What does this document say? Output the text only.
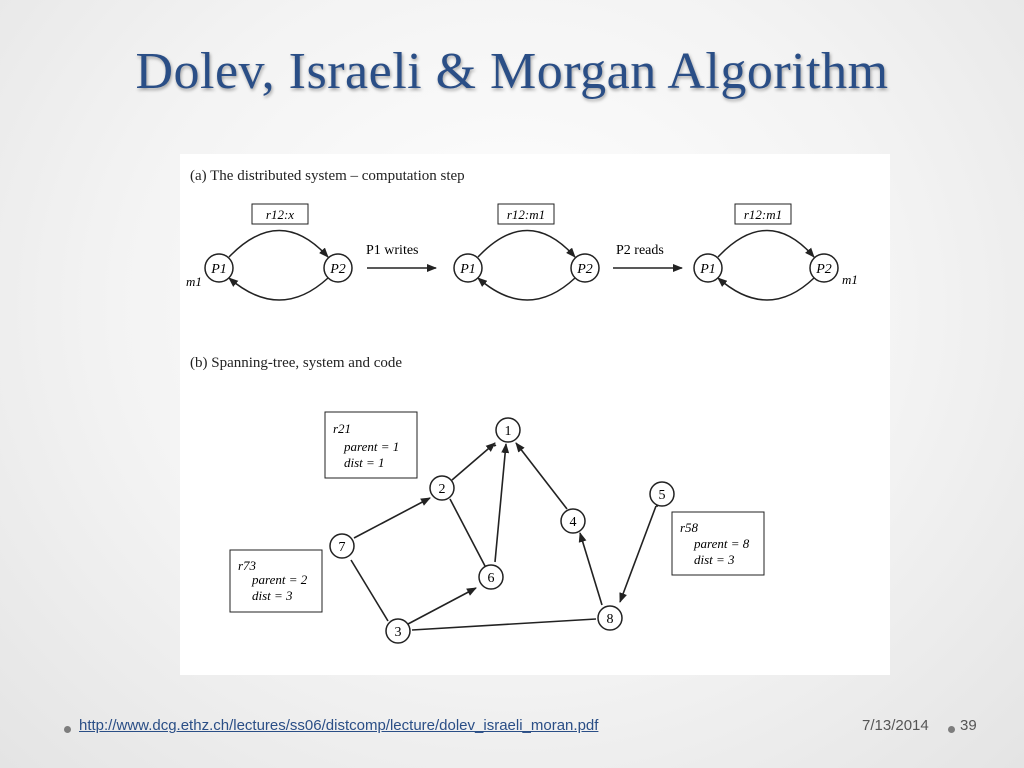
Dolev, Israeli & Morgan Algorithm
(a) The distributed system – computation step
r12:x
P1	P2
m1
P1 writes
r12:m1
P1	P2
P2 reads
r12:m1
P1	P2
m1
(b) Spanning-tree, system and code
1
2
3
4
5
6
7
8
r21
parent = 1
dist = 1
r73
parent = 2
dist = 3
r58
parent = 8
dist = 3
http://www.dcg.ethz.ch/lectures/ss06/distcomp/lecture/dolev_israeli_moran.pdf	7/13/2014 39
